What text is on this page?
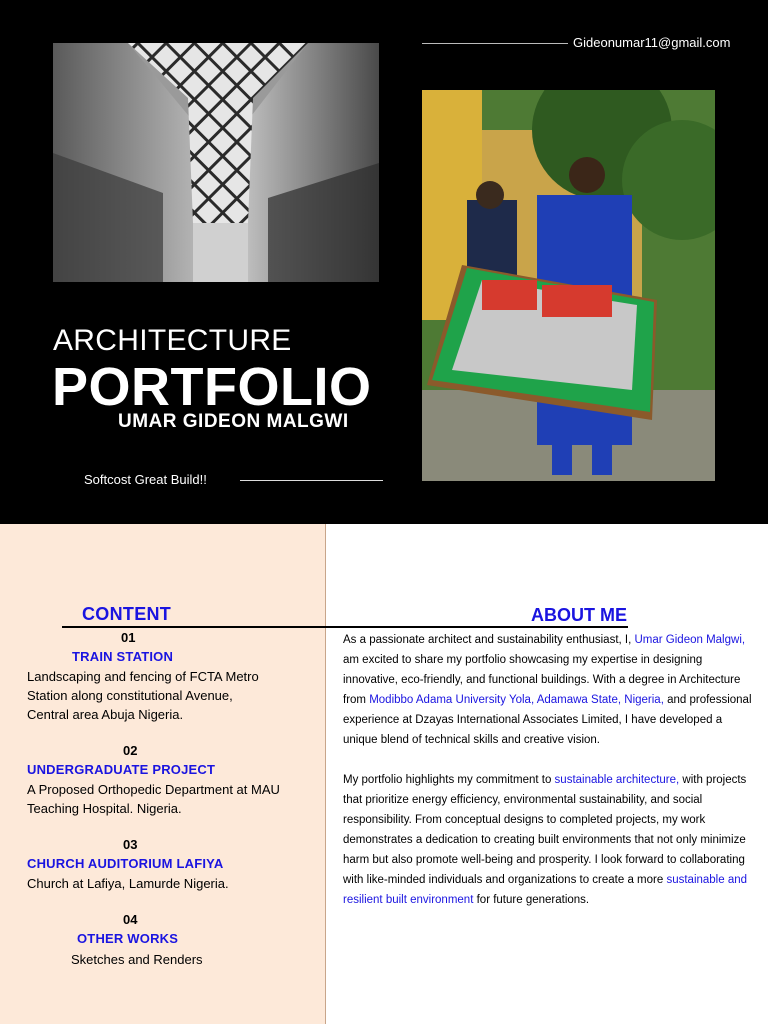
Gideonumar11@gmail.com
ARCHITECTURE
PORTFOLIO
UMAR GIDEON MALGWI
Softcost Great Build!!
CONTENT	ABOUT ME
01
TRAIN STATION
Landscaping and fencing of FCTA Metro
Station along constitutional Avenue,
Central area Abuja Nigeria.
02
UNDERGRADUATE PROJECT
A Proposed Orthopedic Department at MAU
Teaching Hospital. Nigeria.
03
CHURCH AUDITORIUM LAFIYA
Church at Lafiya, Lamurde Nigeria.
04
OTHER WORKS
Sketches and Renders

As a passionate architect and sustainability enthusiast, I, Umar Gideon Malgwi, am excited to share my portfolio showcasing my expertise in designing innovative, eco-friendly, and functional buildings. With a degree in Architecture from Modibbo Adama University Yola, Adamawa State, Nigeria, and professional experience at Dzayas International Associates Limited, I have developed a unique blend of technical skills and creative vision.

My portfolio highlights my commitment to sustainable architecture, with projects that prioritize energy efficiency, environmental sustainability, and social responsibility. From conceptual designs to completed projects, my work demonstrates a dedication to creating built environments that not only minimize harm but also promote well-being and prosperity. I look forward to collaborating with like-minded individuals and organizations to create a more sustainable and resilient built environment for future generations.
